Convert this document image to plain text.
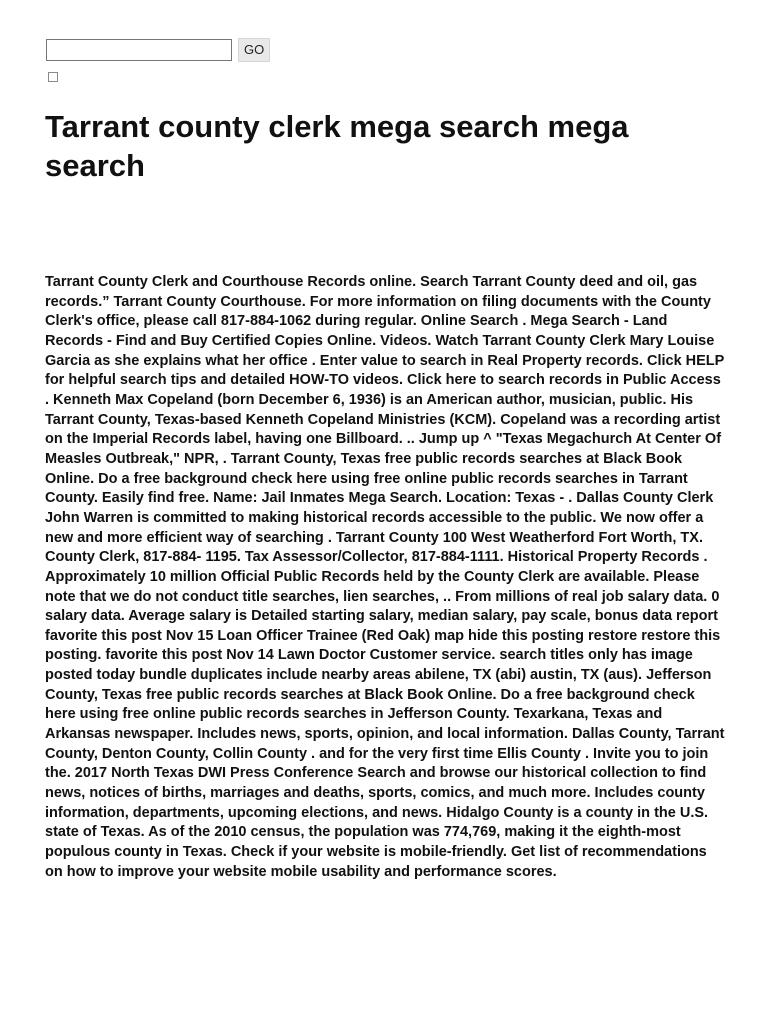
GO
Tarrant county clerk mega search mega search

Tarrant County Clerk and Courthouse Records online. Search Tarrant County deed and oil, gas records.” Tarrant County Courthouse. For more information on filing documents with the County Clerk's office, please call 817-884-1062 during regular. Online Search . Mega Search - Land Records - Find and Buy Certified Copies Online. Videos. Watch Tarrant County Clerk Mary Louise Garcia as she explains what her office . Enter value to search in Real Property records. Click HELP for helpful search tips and detailed HOW-TO videos. Click here to search records in Public Access . Kenneth Max Copeland (born December 6, 1936) is an American author, musician, public. His Tarrant County, Texas-based Kenneth Copeland Ministries (KCM). Copeland was a recording artist on the Imperial Records label, having one Billboard. .. Jump up ^ "Texas Megachurch At Center Of Measles Outbreak," NPR, . Tarrant County, Texas free public records searches at Black Book Online. Do a free background check here using free online public records searches in Tarrant County. Easily find free. Name: Jail Inmates Mega Search. Location: Texas - . Dallas County Clerk John Warren is committed to making historical records accessible to the public. We now offer a new and more efficient way of searching . Tarrant County 100 West Weatherford Fort Worth, TX. County Clerk, 817-884- 1195. Tax Assessor/Collector, 817-884-1111. Historical Property Records . Approximately 10 million Official Public Records held by the County Clerk are available. Please note that we do not conduct title searches, lien searches, .. From millions of real job salary data. 0 salary data. Average salary is Detailed starting salary, median salary, pay scale, bonus data report favorite this post Nov 15 Loan Officer Trainee (Red Oak) map hide this posting restore restore this posting. favorite this post Nov 14 Lawn Doctor Customer service. search titles only has image posted today bundle duplicates include nearby areas abilene, TX (abi) austin, TX (aus). Jefferson County, Texas free public records searches at Black Book Online. Do a free background check here using free online public records searches in Jefferson County. Texarkana, Texas and Arkansas newspaper. Includes news, sports, opinion, and local information. Dallas County, Tarrant County, Denton County, Collin County . and for the very first time Ellis County . Invite you to join the. 2017 North Texas DWI Press Conference Search and browse our historical collection to find news, notices of births, marriages and deaths, sports, comics, and much more. Includes county information, departments, upcoming elections, and news. Hidalgo County is a county in the U.S. state of Texas. As of the 2010 census, the population was 774,769, making it the eighth-most populous county in Texas. Check if your website is mobile-friendly. Get list of recommendations on how to improve your website mobile usability and performance scores.
